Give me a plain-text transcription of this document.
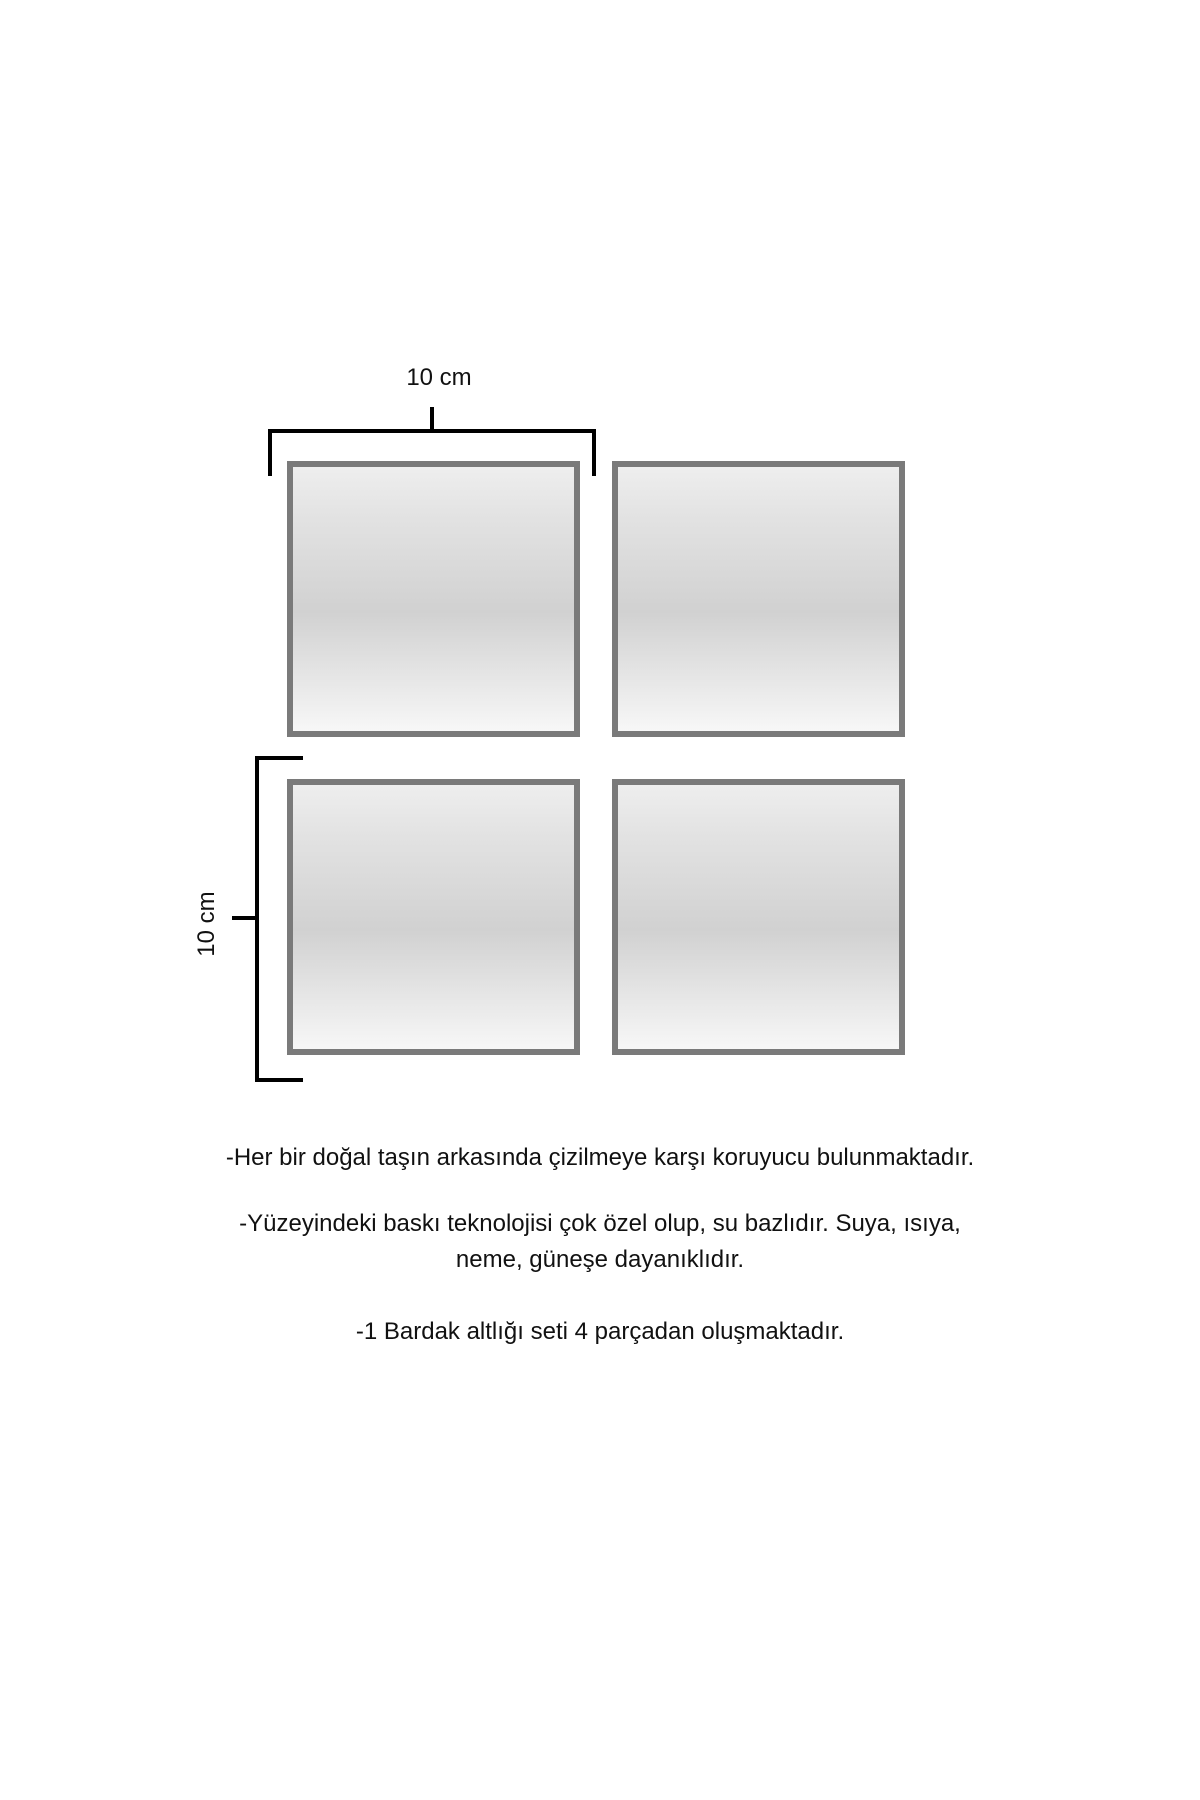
10 cm
10 cm
-Her bir doğal taşın arkasında çizilmeye karşı koruyucu bulunmaktadır.
-Yüzeyindeki baskı teknolojisi çok özel olup, su bazlıdır. Suya, ısıya,
neme, güneşe dayanıklıdır.
-1 Bardak altlığı seti 4 parçadan oluşmaktadır.
